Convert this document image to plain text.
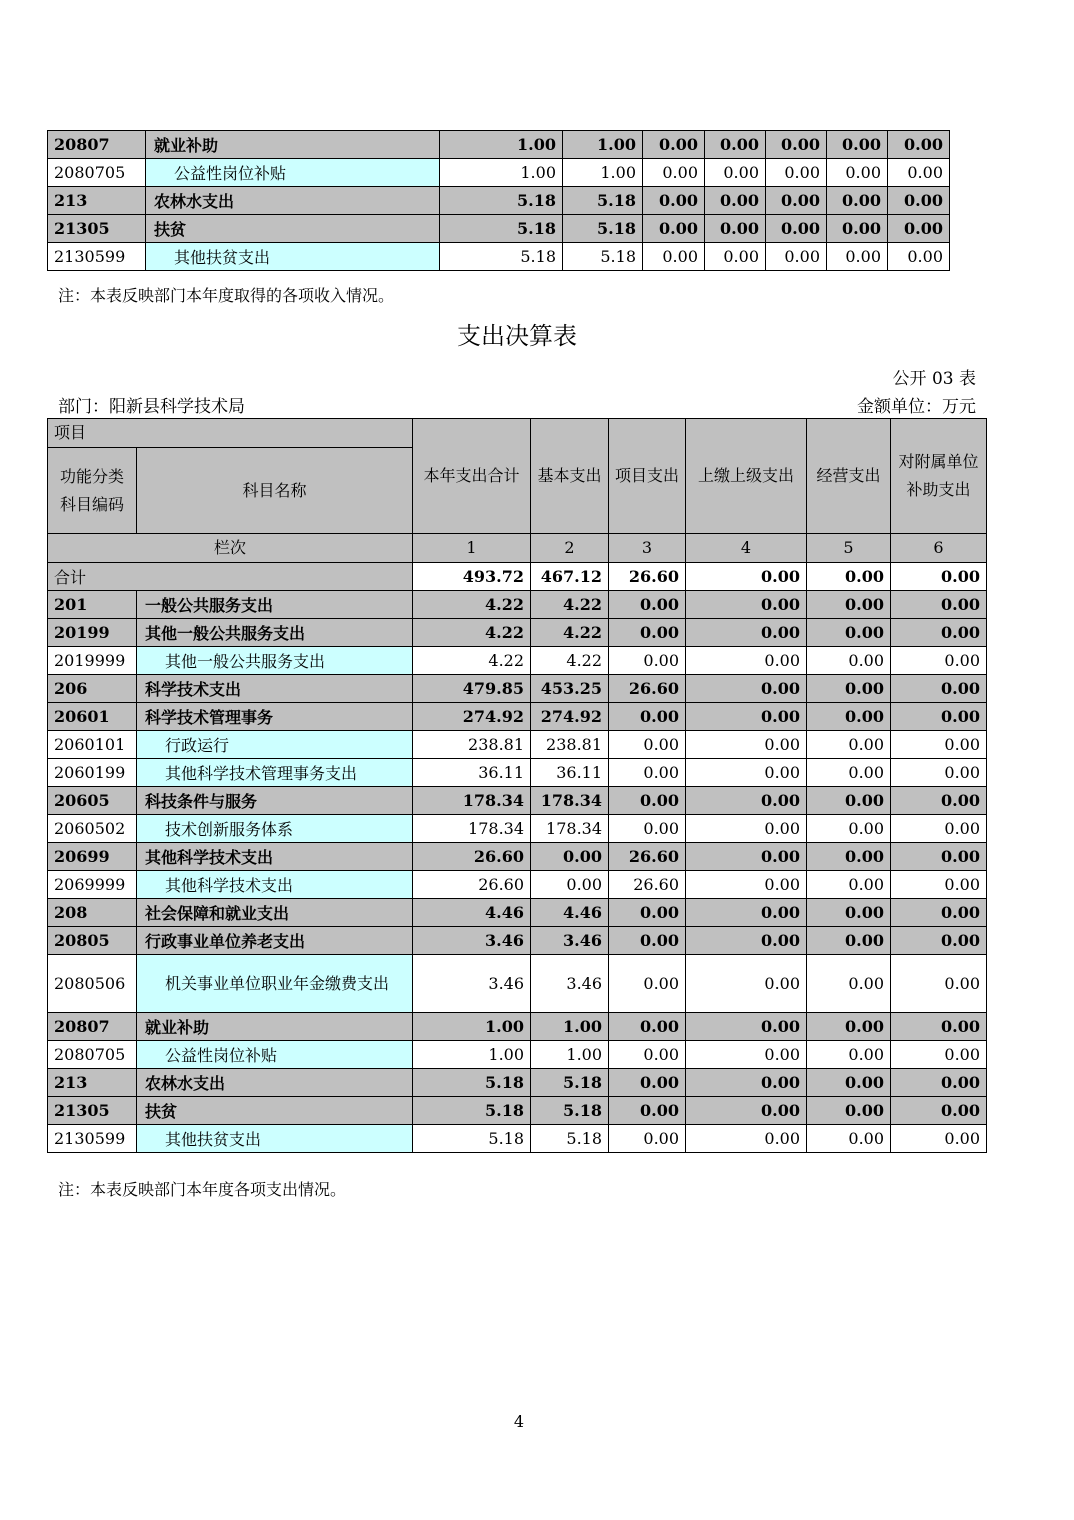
20807	就业补助	1.00	1.00	0.00	0.00	0.00	0.00	0.00
2080705	公益性岗位补贴	1.00	1.00	0.00	0.00	0.00	0.00	0.00
213	农林水支出	5.18	5.18	0.00	0.00	0.00	0.00	0.00
21305	扶贫	5.18	5.18	0.00	0.00	0.00	0.00	0.00
2130599	其他扶贫支出	5.18	5.18	0.00	0.00	0.00	0.00	0.00
注：本表反映部门本年度取得的各项收入情况。
支出决算表
公开 03 表
部门：阳新县科学技术局	金额单位：万元
项目		本年支出合计	基本支出	项目支出	上缴上级支出	经营支出	对附属单位补助支出
功能分类科目编码	科目名称						
栏次		1	2	3	4	5	6
合计		493.72	467.12	26.60	0.00	0.00	0.00
201	一般公共服务支出	4.22	4.22	0.00	0.00	0.00	0.00
20199	其他一般公共服务支出	4.22	4.22	0.00	0.00	0.00	0.00
2019999	其他一般公共服务支出	4.22	4.22	0.00	0.00	0.00	0.00
206	科学技术支出	479.85	453.25	26.60	0.00	0.00	0.00
20601	科学技术管理事务	274.92	274.92	0.00	0.00	0.00	0.00
2060101	行政运行	238.81	238.81	0.00	0.00	0.00	0.00
2060199	其他科学技术管理事务支出	36.11	36.11	0.00	0.00	0.00	0.00
20605	科技条件与服务	178.34	178.34	0.00	0.00	0.00	0.00
2060502	技术创新服务体系	178.34	178.34	0.00	0.00	0.00	0.00
20699	其他科学技术支出	26.60	0.00	26.60	0.00	0.00	0.00
2069999	其他科学技术支出	26.60	0.00	26.60	0.00	0.00	0.00
208	社会保障和就业支出	4.46	4.46	0.00	0.00	0.00	0.00
20805	行政事业单位养老支出	3.46	3.46	0.00	0.00	0.00	0.00
2080506	机关事业单位职业年金缴费支出	3.46	3.46	0.00	0.00	0.00	0.00
20807	就业补助	1.00	1.00	0.00	0.00	0.00	0.00
2080705	公益性岗位补贴	1.00	1.00	0.00	0.00	0.00	0.00
213	农林水支出	5.18	5.18	0.00	0.00	0.00	0.00
21305	扶贫	5.18	5.18	0.00	0.00	0.00	0.00
2130599	其他扶贫支出	5.18	5.18	0.00	0.00	0.00	0.00
注：本表反映部门本年度各项支出情况。
4
